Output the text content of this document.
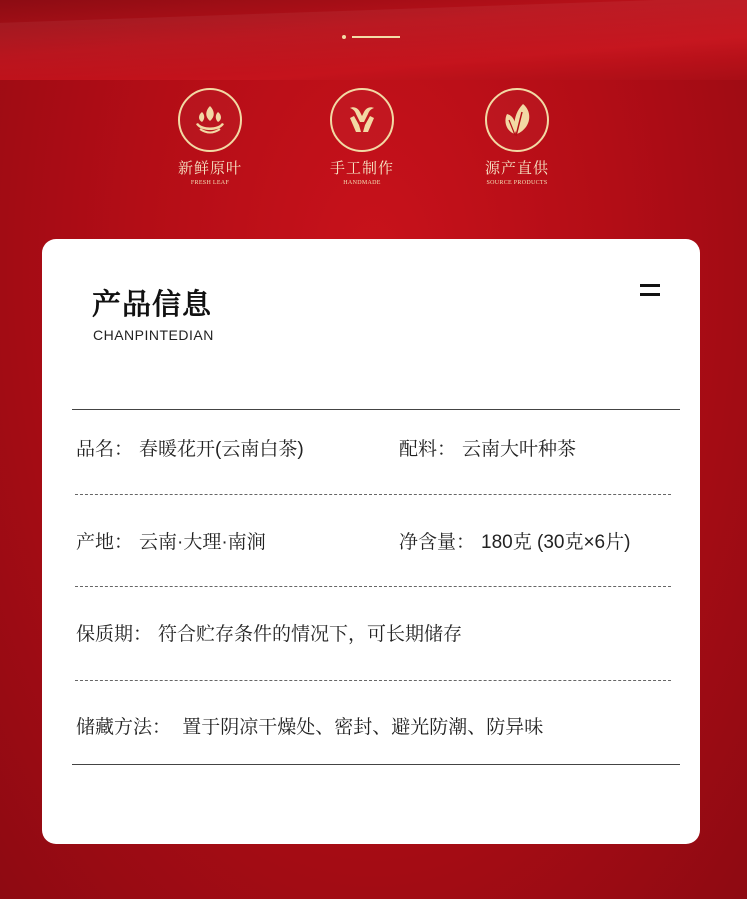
新鲜原叶
FRESH LEAF
手工制作
HANDMADE
源产直供
SOURCE PRODUCTS
产品信息
CHANPINTEDIAN
品名： 春暖花开(云南白茶)	配料： 云南大叶种茶
产地： 云南·大理·南涧	净含量： 180克 (30克×6片)
保质期： 符合贮存条件的情况下，可长期储存
储藏方法： 置于阴凉干燥处、密封、避光防潮、防异味
